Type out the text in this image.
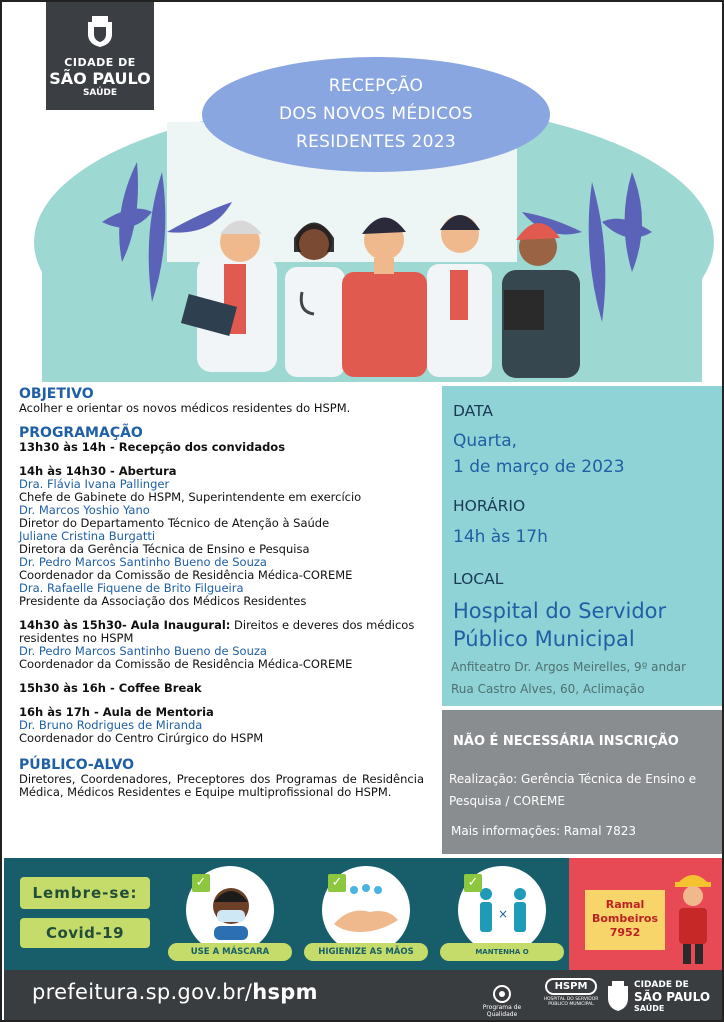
CIDADE DE
SÃO PAULO
SAÚDE	RECEPÇÃO
DOS NOVOS MÉDICOS
RESIDENTES 2023
OBJETIVO
Acolher e orientar os novos médicos residentes do HSPM.
PROGRAMAÇÃO
13h30 às 14h - Recepção dos convidados
14h às 14h30 - Abertura
Dra. Flávia Ivana Pallinger
Chefe de Gabinete do HSPM, Superintendente em exercício
Dr. Marcos Yoshio Yano
Diretor do Departamento Técnico de Atenção à Saúde
Juliane Cristina Burgatti
Diretora da Gerência Técnica de Ensino e Pesquisa
Dr. Pedro Marcos Santinho Bueno de Souza
Coordenador da Comissão de Residência Médica-COREME
Dra. Rafaelle Fiquene de Brito Filgueira
Presidente da Associação dos Médicos Residentes
14h30 às 15h30- Aula Inaugural: Direitos e deveres dos médicos
residentes no HSPM
Dr. Pedro Marcos Santinho Bueno de Souza
Coordenador da Comissão de Residência Médica-COREME
15h30 às 16h - Coffee Break
16h às 17h - Aula de Mentoria
Dr. Bruno Rodrigues de Miranda
Coordenador do Centro Cirúrgico do HSPM
PÚBLICO-ALVO
Diretores, Coordenadores, Preceptores dos Programas de Residência Médica, Médicos Residentes e Equipe multiprofissional do HSPM.
DATA
Quarta,
1 de março de 2023
HORÁRIO
14h às 17h
LOCAL
Hospital do Servidor
Público Municipal
Anfiteatro Dr. Argos Meirelles, 9º andar
Rua Castro Alves, 60, Aclimação
NÃO É NECESSÁRIA INSCRIÇÃO
Realização: Gerência Técnica de Ensino e
Pesquisa / COREME
Mais informações: Ramal 7823
Lembre-se:
Covid-19
✓
USE A MÁSCARA
✓
HIGIENIZE AS MÃOS
×
✓
MANTENHA O
Ramal
Bombeiros
7952
prefeitura.sp.gov.br/hspm
Programa de Qualidade
HSPM
HOSPITAL DO SERVIDOR PÚBLICO MUNICIPAL
CIDADE DE
SÃO PAULO
SAÚDE
